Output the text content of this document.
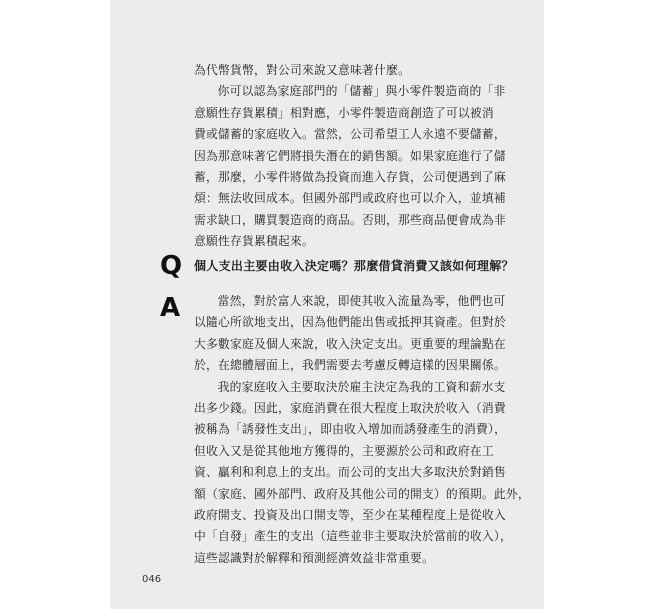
為代幣貨幣，對公司來說又意味著什麼。

你可以認為家庭部門的「儲蓄」與小零件製造商的「非
意願性存貨累積」相對應，小零件製造商創造了可以被消
費或儲蓄的家庭收入。當然，公司希望工人永遠不要儲蓄，
因為那意味著它們將損失潛在的銷售額。如果家庭進行了儲
蓄，那麼，小零件將做為投資而進入存貨，公司便遇到了麻
煩：無法收回成本。但國外部門或政府也可以介入，並填補
需求缺口，購買製造商的商品。否則，那些商品便會成為非
意願性存貨累積起來。

Q 個人支出主要由收入決定嗎？那麼借貸消費又該如何理解？
A	當然，對於富人來說，即使其收入流量為零，他們也可
以隨心所欲地支出，因為他們能出售或抵押其資產。但對於
大多數家庭及個人來說，收入決定支出。更重要的理論點在
於，在總體層面上，我們需要去考慮反轉這樣的因果關係。

我的家庭收入主要取決於雇主決定為我的工資和薪水支
出多少錢。因此，家庭消費在很大程度上取決於收入（消費
被稱為「誘發性支出」，即由收入增加而誘發產生的消費），
但收入又是從其他地方獲得的，主要源於公司和政府在工
資、贏利和利息上的支出。而公司的支出大多取決於對銷售
額（家庭、國外部門、政府及其他公司的開支）的預期。此外，
政府開支、投資及出口開支等，至少在某種程度上是從收入
中「自發」產生的支出（這些並非主要取決於當前的收入），
這些認識對於解釋和預測經濟效益非常重要。

046
